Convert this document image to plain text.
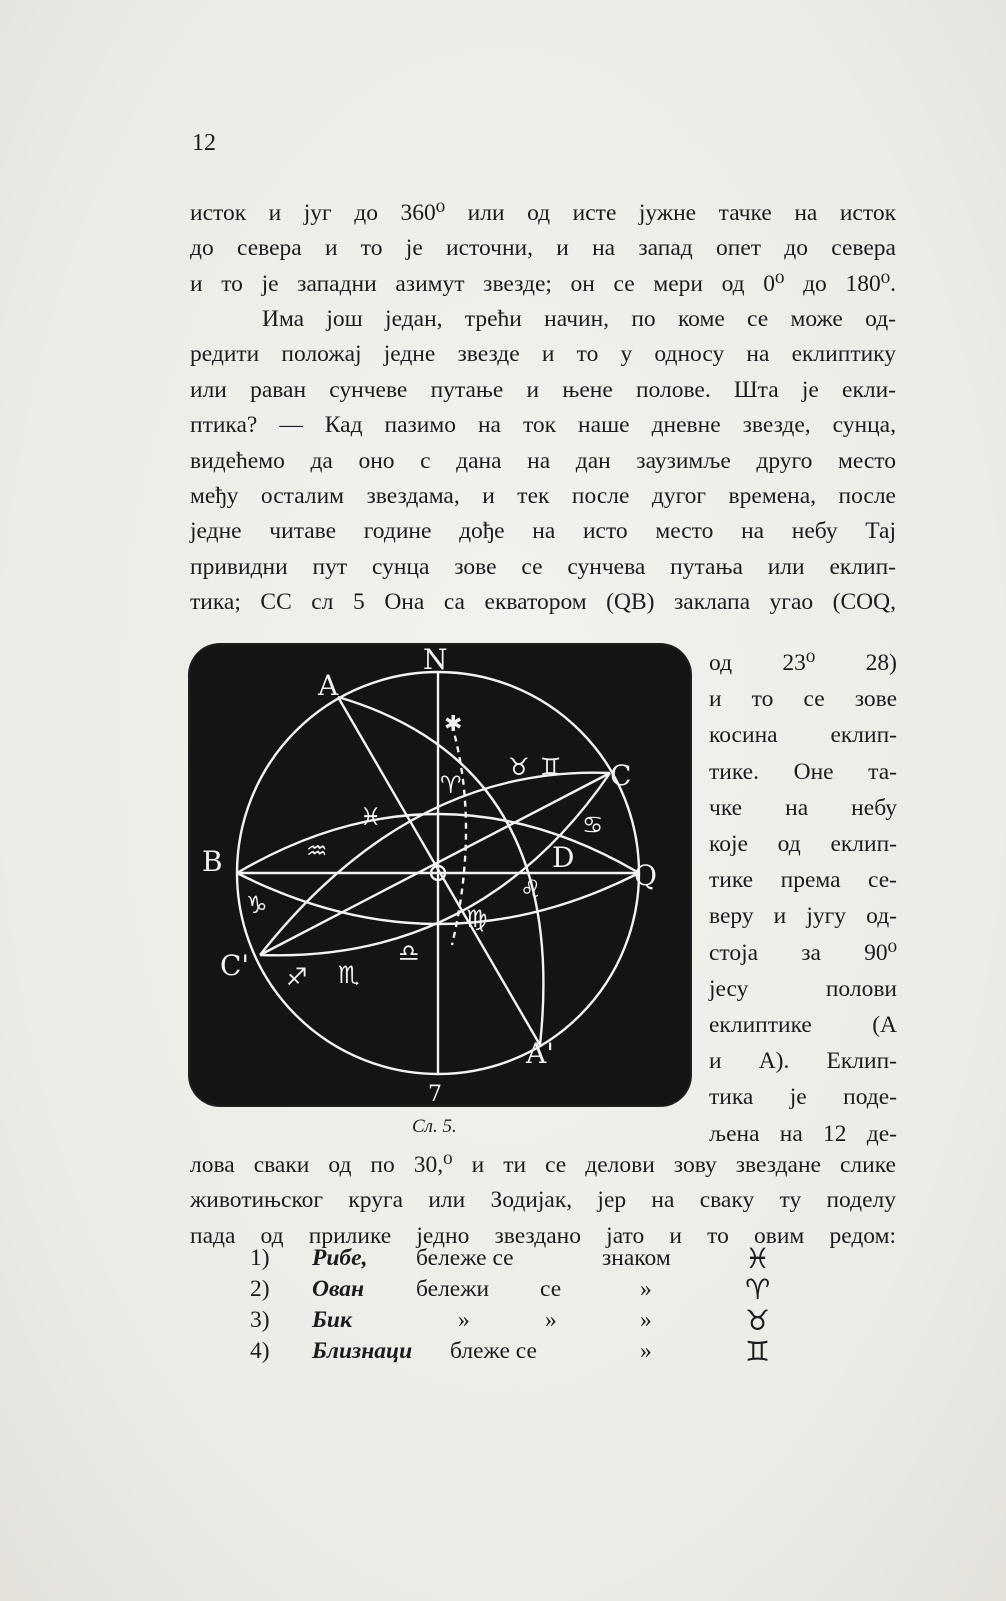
12
исток и југ до 360⁰ или од исте јужне тачке на исток
до севера и то је источни, и на запад опет до севера
и то је западни азимут звезде; он се мери од 0⁰ до 180⁰.
Има још један, трећи начин, по коме се може од-
редити положај једне звезде и то у односу на еклиптику
или раван сунчеве путање и њене полове. Шта је екли-
птика? — Кад пазимо на ток наше дневне звезде, сунца,
видећемо да оно с дана на дан заузимље друго место
међу осталим звездама, и тек после дугог времена, после
једне читаве године дође на исто место на небу Тај
привидни пут сунца зове се сунчева путања или еклип-
тика; СС сл 5 Она са екватором (QB) заклапа угао (COQ,
N
A
C
B	Q
D
C'
A'
7
♓
♒
♑
♐ ♏
♎
♍
♌
♋
♊
♉
♈
✱
Сл. 5.
од 23⁰ 28)
и то се зове
косина еклип-
тике. Оне та-
чке на небу
које од еклип-
тике према се-
веру и југу од-
стоја за 90⁰
јесу полови
еклиптике (А
и А). Еклип-
тика је поде-
љена на 12 де-
лова сваки од по 30,⁰ и ти се делови зову звездане слике
животињског круга или Зодијак, јер на сваку ту поделу
пада од прилике једно звездано јато и то овим редом:
1)	Рибе, бележе се	знаком	♓
2)	Ован бележи се	»	♈
3)	Бик	»	»	»	♉
4)	Близнаци блеже се	»	♊
